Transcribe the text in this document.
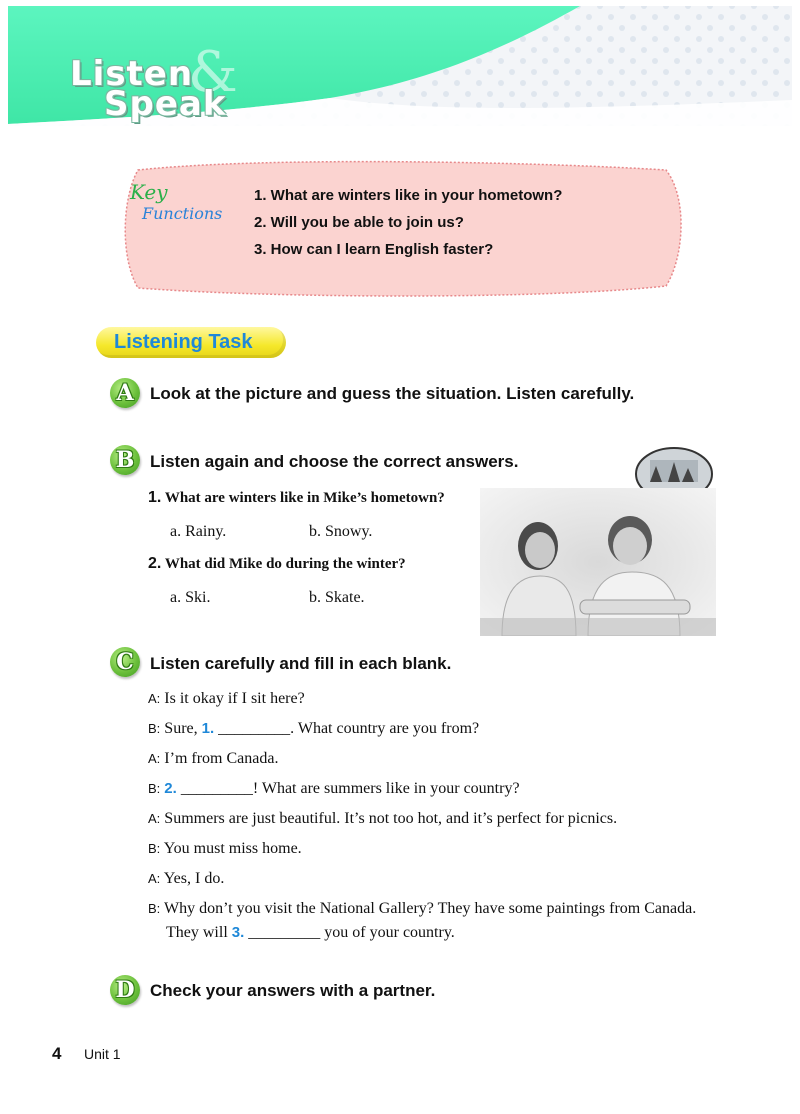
&
Listen
Speak
Key
Functions
1. What are winters like in your hometown?
2. Will you be able to join us?
3. How can I learn English faster?
Listening Task
A Look at the picture and guess the situation. Listen carefully.
B Listen again and choose the correct answers.
1. What are winters like in Mike’s hometown?
a. Rainy.	b. Snowy.
2. What did Mike do during the winter?
a. Ski.	b. Skate.
C Listen carefully and fill in each blank.
A: Is it okay if I sit here?
B: Sure, 1. _________. What country are you from?
A: I’m from Canada.
B: 2. _________! What are summers like in your country?
A: Summers are just beautiful. It’s not too hot, and it’s perfect for picnics.
B: You must miss home.
A: Yes, I do.
B: Why don’t you visit the National Gallery? They have some paintings from Canada.
They will 3. _________ you of your country.
D Check your answers with a partner.
4 Unit 1
